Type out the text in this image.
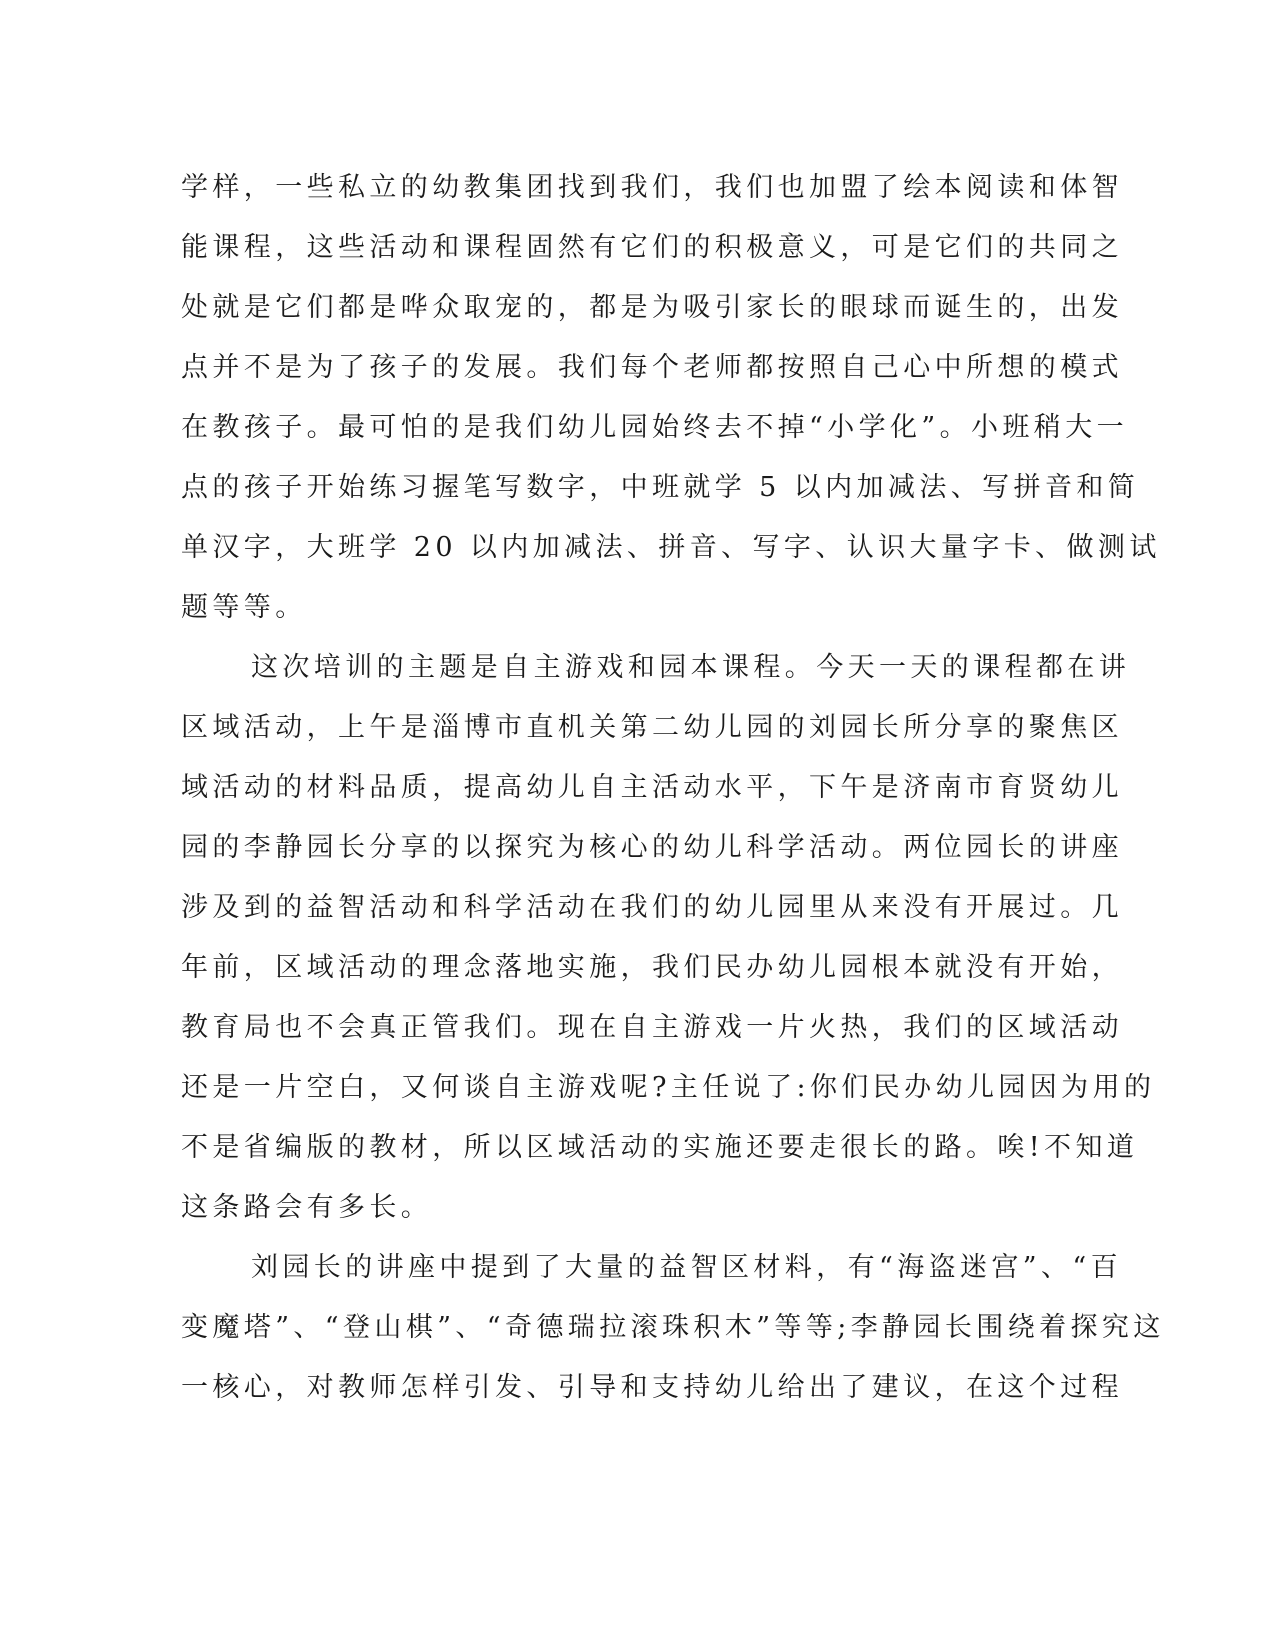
学样，一些私立的幼教集团找到我们，我们也加盟了绘本阅读和体智
能课程，这些活动和课程固然有它们的积极意义，可是它们的共同之
处就是它们都是哗众取宠的，都是为吸引家长的眼球而诞生的，出发
点并不是为了孩子的发展。我们每个老师都按照自己心中所想的模式
在教孩子。最可怕的是我们幼儿园始终去不掉“小学化”。小班稍大一
点的孩子开始练习握笔写数字，中班就学 5 以内加减法、写拼音和简
单汉字，大班学 20 以内加减法、拼音、写字、认识大量字卡、做测试
题等等。
这次培训的主题是自主游戏和园本课程。今天一天的课程都在讲
区域活动，上午是淄博市直机关第二幼儿园的刘园长所分享的聚焦区
域活动的材料品质，提高幼儿自主活动水平，下午是济南市育贤幼儿
园的李静园长分享的以探究为核心的幼儿科学活动。两位园长的讲座
涉及到的益智活动和科学活动在我们的幼儿园里从来没有开展过。几
年前，区域活动的理念落地实施，我们民办幼儿园根本就没有开始，
教育局也不会真正管我们。现在自主游戏一片火热，我们的区域活动
还是一片空白，又何谈自主游戏呢?主任说了:你们民办幼儿园因为用的
不是省编版的教材，所以区域活动的实施还要走很长的路。唉!不知道
这条路会有多长。
刘园长的讲座中提到了大量的益智区材料，有“海盗迷宫”、“百
变魔塔”、“登山棋”、“奇德瑞拉滚珠积木”等等;李静园长围绕着探究这
一核心，对教师怎样引发、引导和支持幼儿给出了建议，在这个过程
